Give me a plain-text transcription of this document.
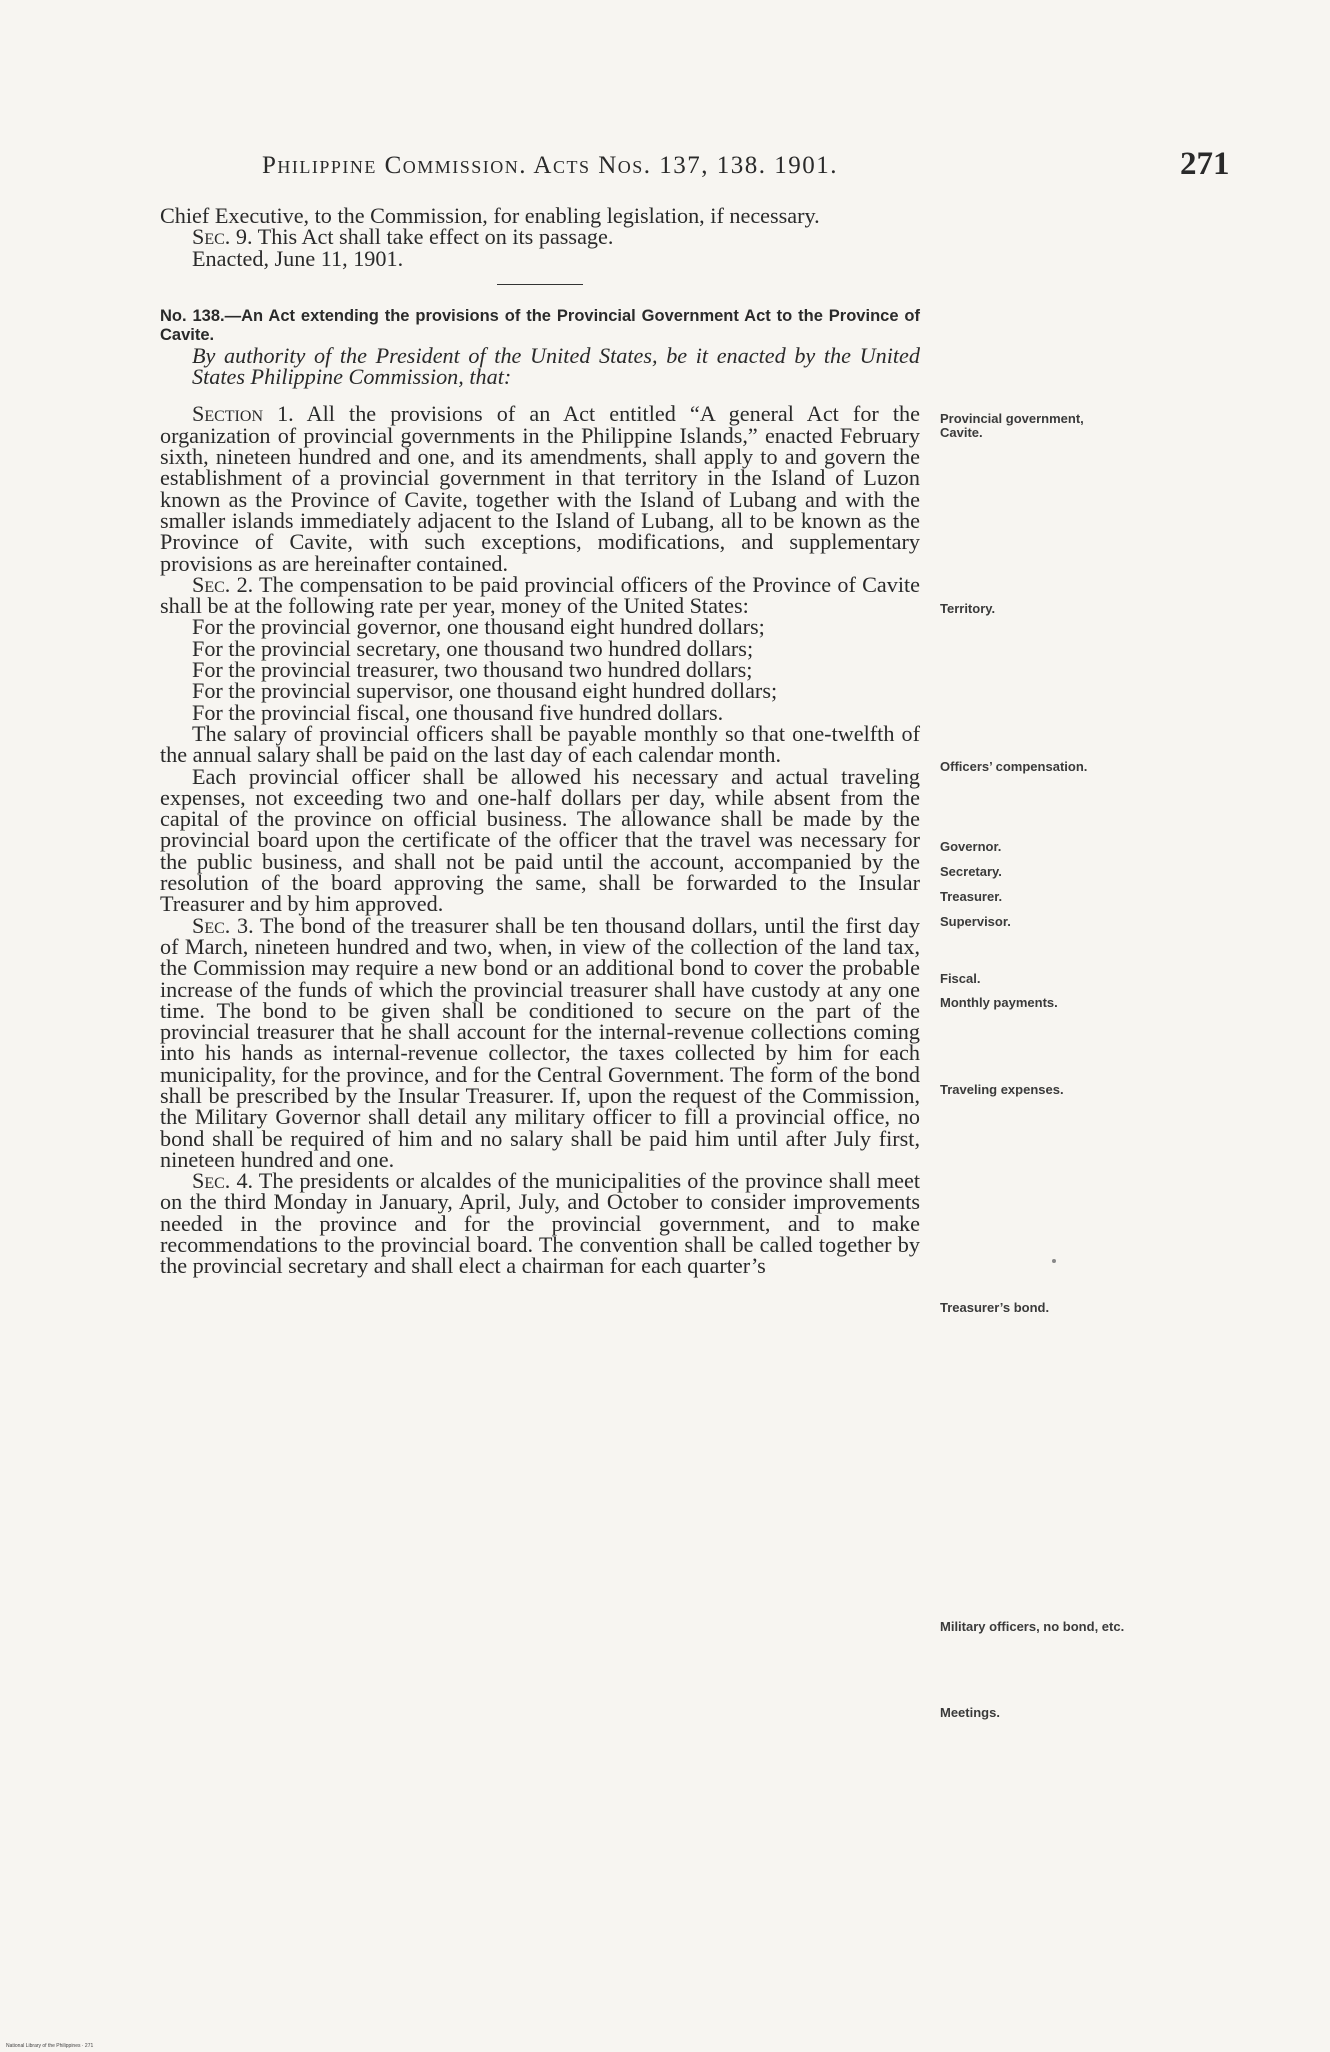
Philippine Commission. Acts Nos. 137, 138. 1901.	271

Chief Executive, to the Commission, for enabling legislation, if necessary.

Sec. 9. This Act shall take effect on its passage.

Enacted, June 11, 1901.

No. 138.—An Act extending the provisions of the Provincial Government Act to the Province of Cavite.

By authority of the President of the United States, be it enacted by the United States Philippine Commission, that:

Section 1. All the provisions of an Act entitled “A general Act for the organization of provincial governments in the Philippine Islands,” enacted February sixth, nineteen hundred and one, and its amendments, shall apply to and govern the establishment of a provincial government in that territory in the Island of Luzon known as the Province of Cavite, together with the Island of Lubang and with the smaller islands immediately adjacent to the Island of Lubang, all to be known as the Province of Cavite, with such exceptions, modifications, and supplementary provisions as are hereinafter contained.

Sec. 2. The compensation to be paid provincial officers of the Province of Cavite shall be at the following rate per year, money of the United States:

For the provincial governor, one thousand eight hundred dollars;

For the provincial secretary, one thousand two hundred dollars;

For the provincial treasurer, two thousand two hundred dollars;

For the provincial supervisor, one thousand eight hundred dollars;

For the provincial fiscal, one thousand five hundred dollars.

The salary of provincial officers shall be payable monthly so that one-twelfth of the annual salary shall be paid on the last day of each calendar month.

Each provincial officer shall be allowed his necessary and actual traveling expenses, not exceeding two and one-half dollars per day, while absent from the capital of the province on official business. The allowance shall be made by the provincial board upon the certificate of the officer that the travel was necessary for the public business, and shall not be paid until the account, accompanied by the resolution of the board approving the same, shall be forwarded to the Insular Treasurer and by him approved.

Sec. 3. The bond of the treasurer shall be ten thousand dollars, until the first day of March, nineteen hundred and two, when, in view of the collection of the land tax, the Commission may require a new bond or an additional bond to cover the probable increase of the funds of which the provincial treasurer shall have custody at any one time. The bond to be given shall be conditioned to secure on the part of the provincial treasurer that he shall account for the internal-revenue collections coming into his hands as internal-revenue collector, the taxes collected by him for each municipality, for the province, and for the Central Government. The form of the bond shall be prescribed by the Insular Treasurer. If, upon the request of the Commission, the Military Governor shall detail any military officer to fill a provincial office, no bond shall be required of him and no salary shall be paid him until after July first, nineteen hundred and one.

Sec. 4. The presidents or alcaldes of the municipalities of the province shall meet on the third Monday in January, April, July, and October to consider improvements needed in the province and for the provincial government, and to make recommendations to the provincial board. The convention shall be called together by the provincial secretary and shall elect a chairman for each quarter’s

Provincial government, Cavite.
Territory.
Officers’ compensation.
Governor.
Secretary.
Treasurer.
Supervisor.
Fiscal.
Monthly payments.
Traveling expenses.
Treasurer’s bond.
Military officers, no bond, etc.
Meetings.
National Library of the Philippines · 271
